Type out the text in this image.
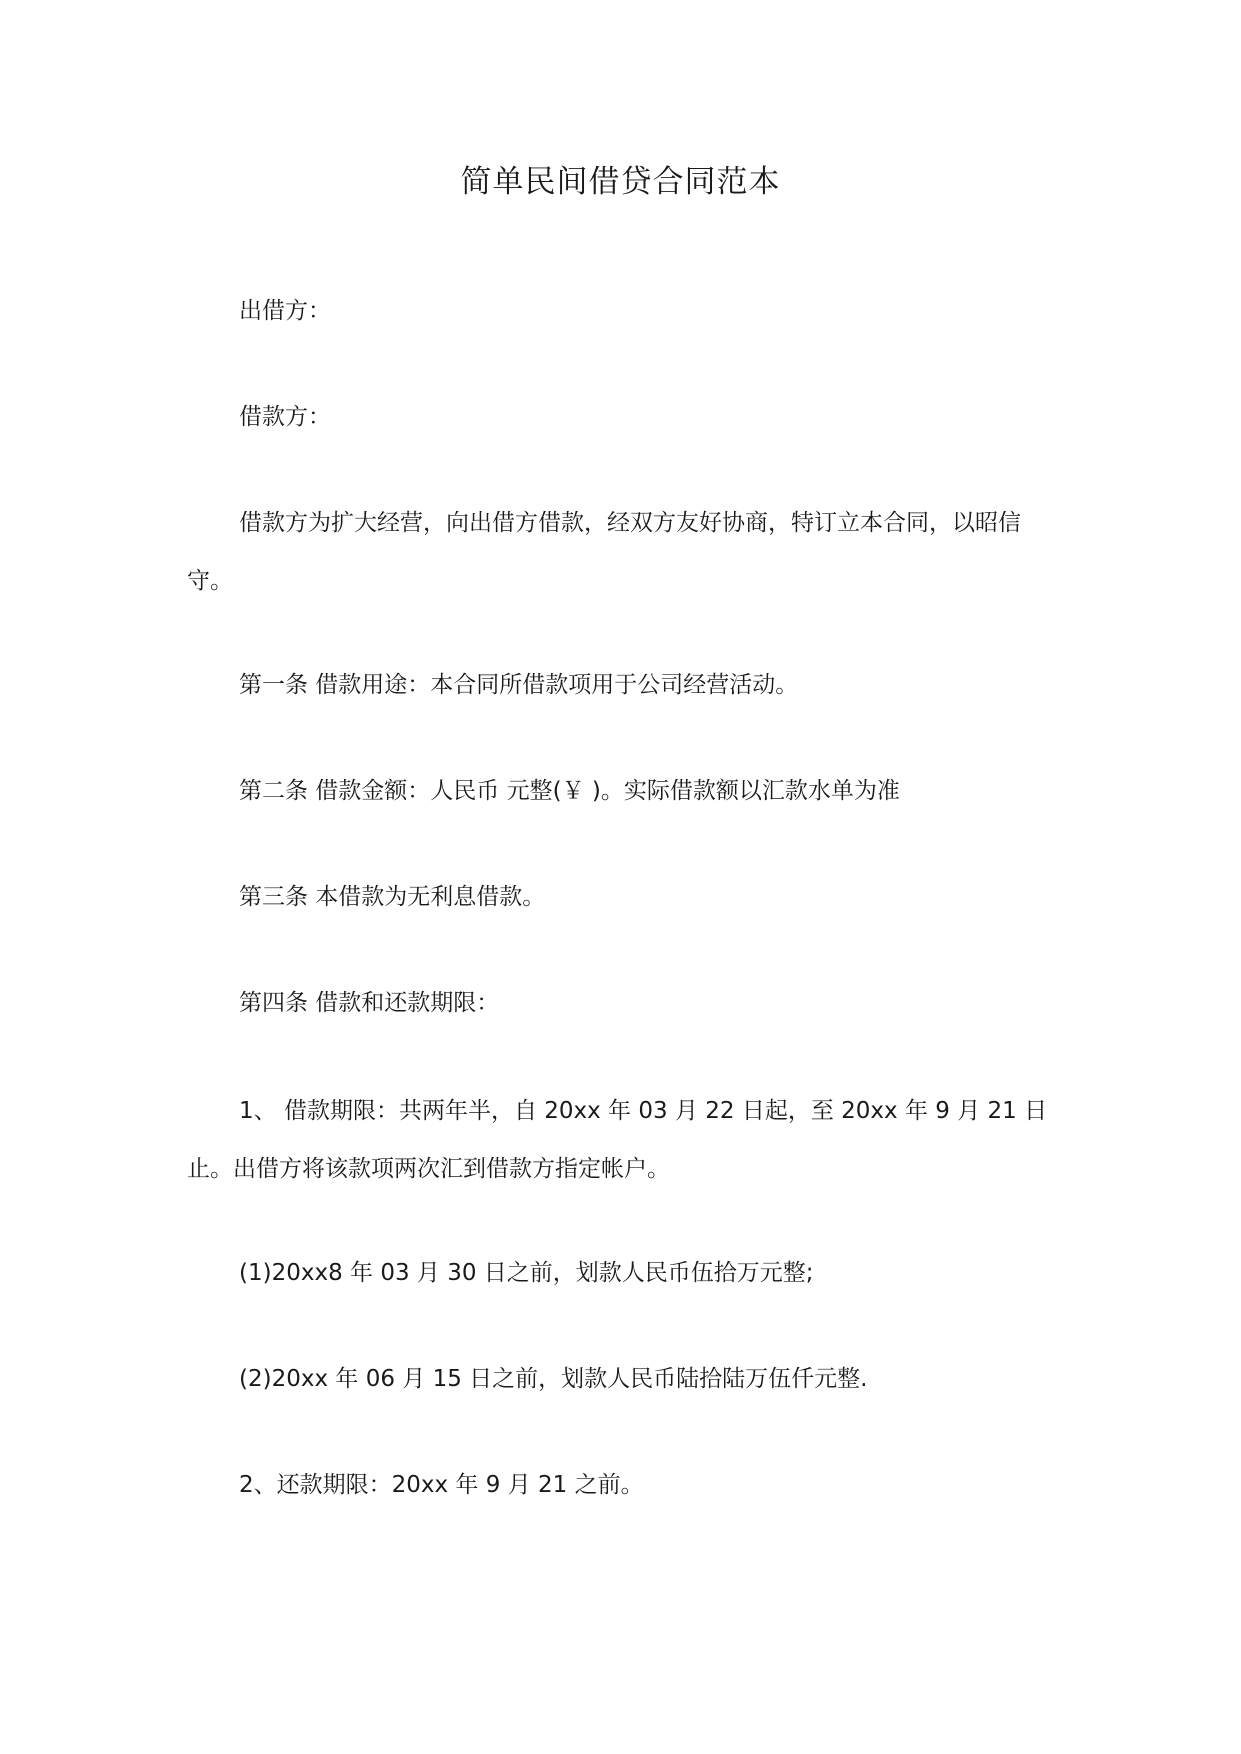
简单民间借贷合同范本

出借方：

借款方：

借款方为扩大经营，向出借方借款，经双方友好协商，特订立本合同，以昭信守。

第一条 借款用途：本合同所借款项用于公司经营活动。

第二条 借款金额：人民币 元整(￥ )。实际借款额以汇款水单为准

第三条 本借款为无利息借款。

第四条 借款和还款期限：

1、 借款期限：共两年半，自 20xx 年 03 月 22 日起，至 20xx 年 9 月 21 日止。出借方将该款项两次汇到借款方指定帐户。

(1)20xx8 年 03 月 30 日之前，划款人民币伍拾万元整;

(2)20xx 年 06 月 15 日之前，划款人民币陆拾陆万伍仟元整.

2、还款期限：20xx 年 9 月 21 之前。
